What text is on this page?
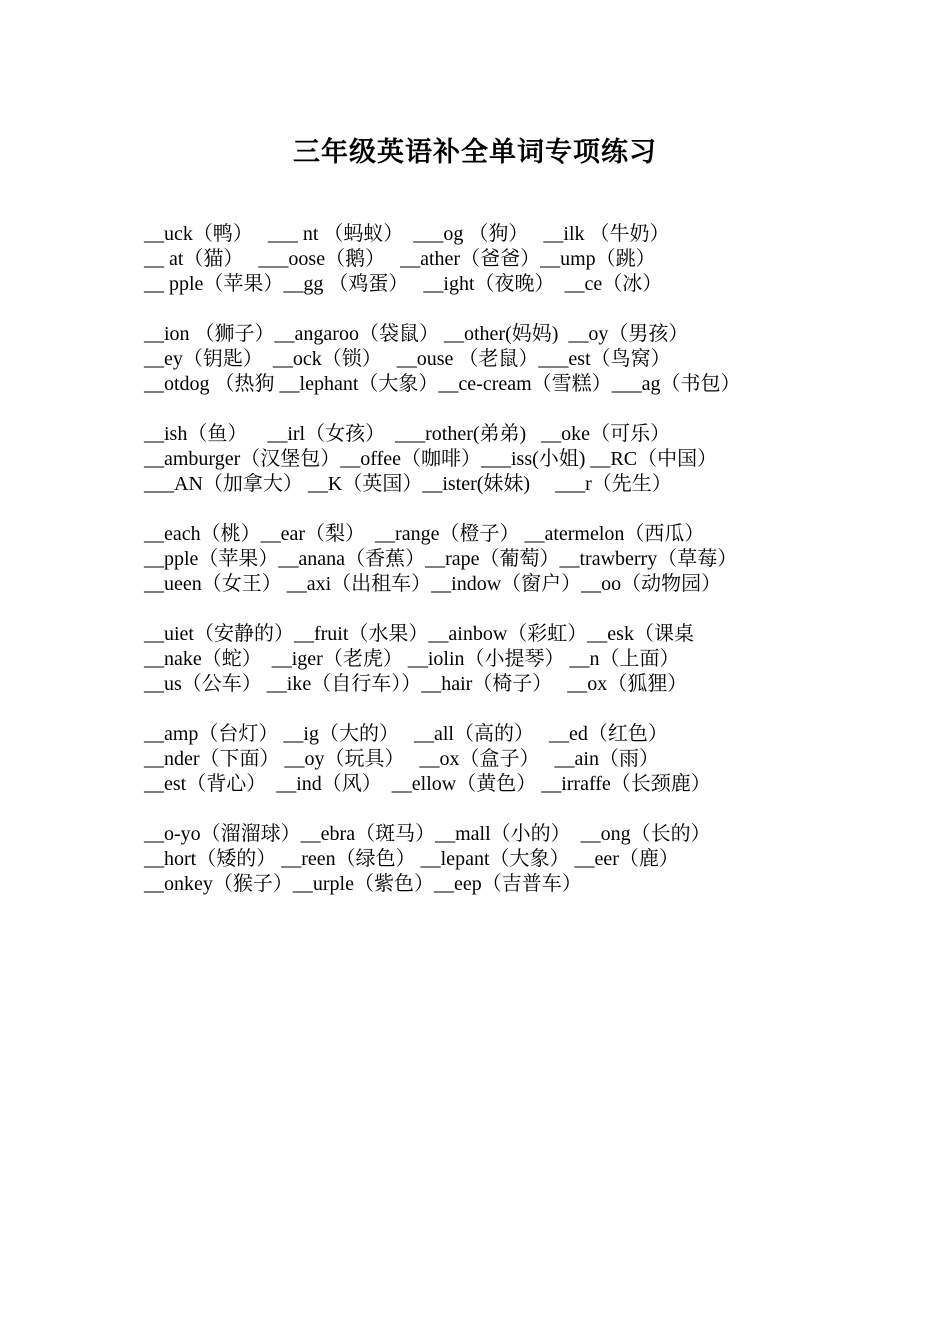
三年级英语补全单词专项练习
__uck（鸭）   ___ nt （蚂蚁）  ___og （狗）   __ilk （牛奶）
__ at（猫）   ___oose（鹅）   __ather（爸爸）__ump（跳）
__ pple（苹果）__gg （鸡蛋）   __ight（夜晚）  __ce（冰）
__ion （狮子）__angaroo（袋鼠） __other(妈妈)  __oy（男孩）
__ey（钥匙）  __ock（锁）   __ouse （老鼠）___est（鸟窝）
__otdog （热狗 __lephant（大象）__ce-cream（雪糕）___ag（书包）
__ish（鱼）    __irl（女孩）  ___rother(弟弟)   __oke（可乐）
__amburger（汉堡包）__offee（咖啡）___iss(小姐) __RC（中国）
___AN（加拿大） __K（英国）__ister(妹妹)     ___r（先生）
__each（桃）__ear（梨）  __range（橙子） __atermelon（西瓜）
__pple（苹果）__anana（香蕉）__rape（葡萄）__trawberry（草莓）
__ueen（女王） __axi（出租车）__indow（窗户）__oo（动物园）
__uiet（安静的）__fruit（水果）__ainbow（彩虹）__esk（课桌
__nake（蛇）  __iger（老虎） __iolin（小提琴） __n（上面）
__us（公车） __ike（自行车））__hair（椅子）   __ox（狐狸）
__amp（台灯） __ig（大的）   __all（高的）   __ed（红色）
__nder（下面） __oy（玩具）   __ox（盒子）   __ain（雨）
__est（背心）  __ind（风）  __ellow（黄色） __irraffe（长颈鹿）
__o-yo（溜溜球）__ebra（斑马）__mall（小的）  __ong（长的）
__hort（矮的） __reen（绿色） __lepant（大象） __eer（鹿）
__onkey（猴子）__urple（紫色）__eep（吉普车）
